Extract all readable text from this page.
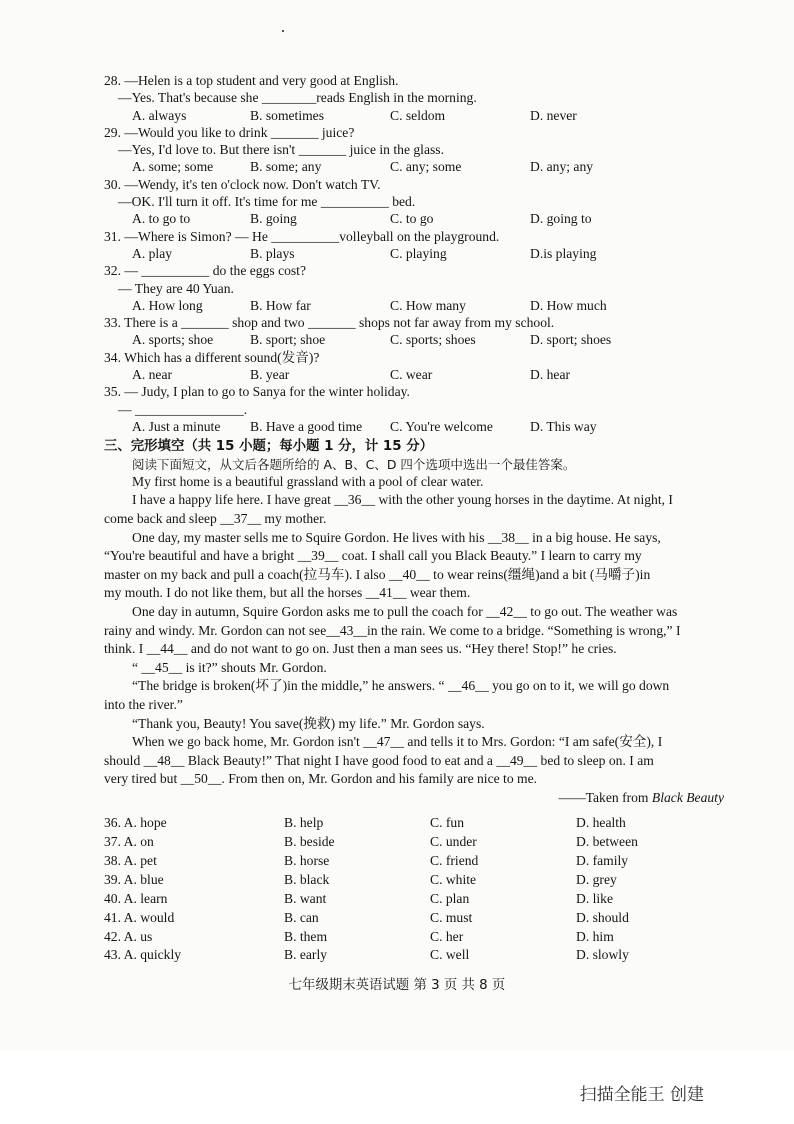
28. —Helen is a top student and very good at English.
—Yes. That's because she ________reads English in the morning.
A. always	B. sometimes	C. seldom	D. never
29. —Would you like to drink _______ juice?
—Yes, I'd love to. But there isn't _______ juice in the glass.
A. some; some	B. some; any	C. any; some	D. any; any
30. —Wendy, it's ten o'clock now. Don't watch TV.
—OK. I'll turn it off. It's time for me __________ bed.
A. to go to	B. going	C. to go	D. going to
31. —Where is Simon? — He __________volleyball on the playground.
A. play	B. plays	C. playing	D.is playing
32. — __________ do the eggs cost?
— They are 40 Yuan.
A. How long	B. How far	C. How many	D. How much
33. There is a _______ shop and two _______ shops not far away from my school.
A. sports; shoe	B. sport; shoe	C. sports; shoes	D. sport; shoes
34. Which has a different sound(发音)?
A. near	B. year	C. wear	D. hear
35. — Judy, I plan to go to Sanya for the winter holiday.
— ________________.
A. Just a minute	B. Have a good time	C. You're welcome	D. This way
三、完形填空（共 15 小题；每小题 1 分，计 15 分）
阅读下面短文，从文后各题所给的 A、B、C、D 四个选项中选出一个最佳答案。
My first home is a beautiful grassland with a pool of clear water.
I have a happy life here. I have great __36__ with the other young horses in the daytime. At night, I
come back and sleep __37__ my mother.
One day, my master sells me to Squire Gordon. He lives with his __38__ in a big house. He says,
“You're beautiful and have a bright __39__ coat. I shall call you Black Beauty.” I learn to carry my
master on my back and pull a coach(拉马车). I also __40__ to wear reins(缰绳)and a bit (马嚼子)in
my mouth. I do not like them, but all the horses __41__ wear them.
One day in autumn, Squire Gordon asks me to pull the coach for __42__ to go out. The weather was
rainy and windy. Mr. Gordon can not see__43__in the rain. We come to a bridge. “Something is wrong,” I
think. I __44__ and do not want to go on. Just then a man sees us. “Hey there! Stop!” he cries.
“ __45__ is it?” shouts Mr. Gordon.
“The bridge is broken(坏了)in the middle,” he answers. “ __46__ you go on to it, we will go down
into the river.”
“Thank you, Beauty! You save(挽救) my life.” Mr. Gordon says.
When we go back home, Mr. Gordon isn't __47__ and tells it to Mrs. Gordon: “I am safe(安全), I
should __48__ Black Beauty!” That night I have good food to eat and a __49__ bed to sleep on. I am
very tired but __50__. From then on, Mr. Gordon and his family are nice to me.
——Taken from Black Beauty
36. A. hope	B. help	C. fun	D. health
37. A. on	B. beside	C. under	D. between
38. A. pet	B. horse	C. friend	D. family
39. A. blue	B. black	C. white	D. grey
40. A. learn	B. want	C. plan	D. like
41. A. would	B. can	C. must	D. should
42. A. us	B. them	C. her	D. him
43. A. quickly	B. early	C. well	D. slowly
七年级期末英语试题 第 3 页 共 8 页
扫描全能王 创建
